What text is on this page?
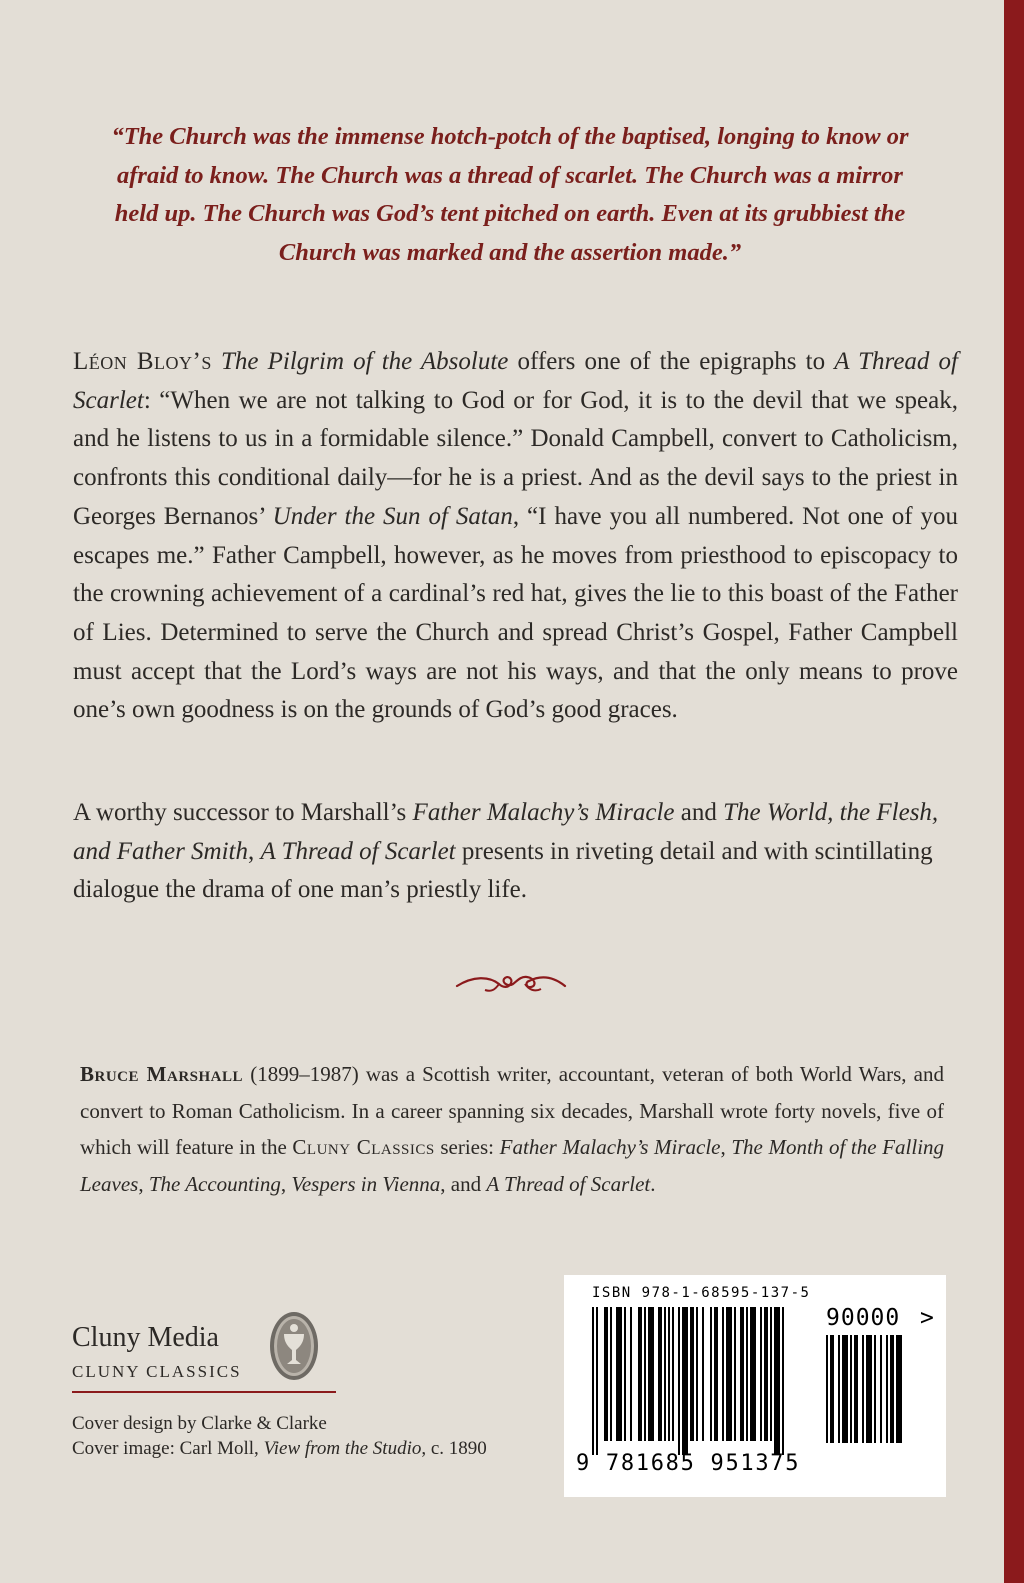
“The Church was the immense hotch-potch of the baptised, longing to know or afraid to know. The Church was a thread of scarlet. The Church was a mirror held up. The Church was God’s tent pitched on earth. Even at its grubbiest the Church was marked and the assertion made.”
Léon Bloy’s The Pilgrim of the Absolute offers one of the epigraphs to A Thread of Scarlet: “When we are not talking to God or for God, it is to the devil that we speak, and he listens to us in a formidable silence.” Donald Campbell, convert to Catholicism, confronts this conditional daily—for he is a priest. And as the devil says to the priest in Georges Bernanos’ Under the Sun of Satan, “I have you all numbered. Not one of you escapes me.” Father Campbell, however, as he moves from priesthood to episcopacy to the crowning achievement of a cardinal’s red hat, gives the lie to this boast of the Father of Lies. Determined to serve the Church and spread Christ’s Gospel, Father Campbell must accept that the Lord’s ways are not his ways, and that the only means to prove one’s own goodness is on the grounds of God’s good graces.
A worthy successor to Marshall’s Father Malachy’s Miracle and The World, the Flesh, and Father Smith, A Thread of Scarlet presents in riveting detail and with scintillating dialogue the drama of one man’s priestly life.
Bruce Marshall (1899–1987) was a Scottish writer, accountant, veteran of both World Wars, and convert to Roman Catholicism. In a career spanning six decades, Marshall wrote forty novels, five of which will feature in the Cluny Classics series: Father Malachy’s Miracle, The Month of the Falling Leaves, The Accounting, Vespers in Vienna, and A Thread of Scarlet.
Cluny Media
CLUNY CLASSICS
Cover design by Clarke & Clarke
Cover image: Carl Moll, View from the Studio, c. 1890
ISBN 978-1-68595-137-5
90000 >
9 781685 951375
